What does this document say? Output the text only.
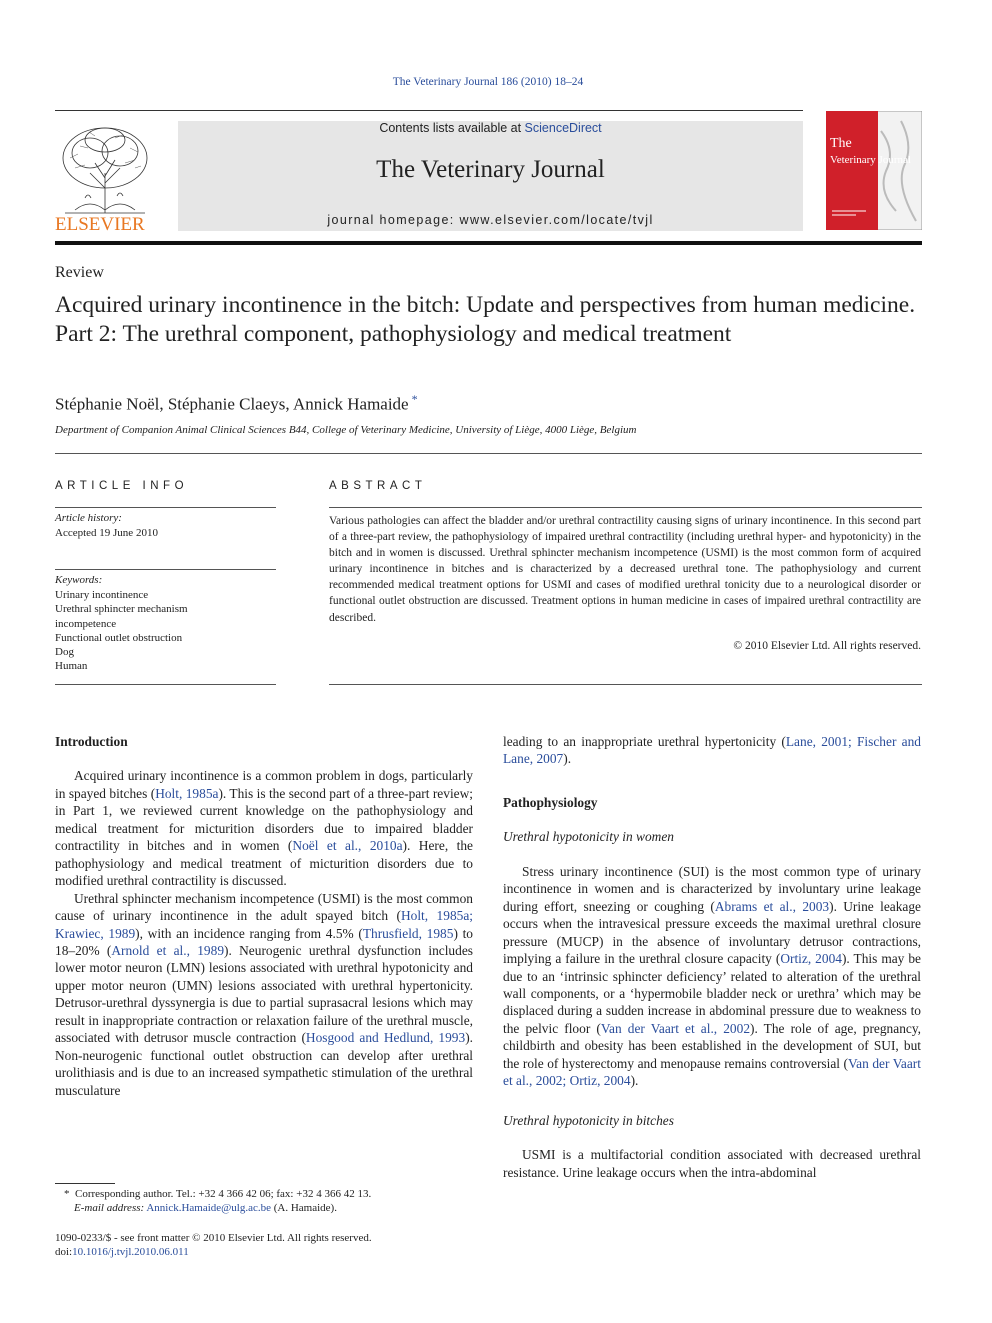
The Veterinary Journal 186 (2010) 18–24
ELSEVIER
Contents lists available at ScienceDirect
The Veterinary Journal
journal homepage: www.elsevier.com/locate/tvjl
The
Veterinary Journal
Review
Acquired urinary incontinence in the bitch: Update and perspectives from human medicine. Part 2: The urethral component, pathophysiology and medical treatment
Stéphanie Noël, Stéphanie Claeys, Annick Hamaide *
Department of Companion Animal Clinical Sciences B44, College of Veterinary Medicine, University of Liège, 4000 Liège, Belgium
ARTICLE INFO	ABSTRACT
Article history:
Accepted 19 June 2010
Keywords:
Urinary incontinence
Urethral sphincter mechanism
incompetence
Functional outlet obstruction
Dog
Human
Various pathologies can affect the bladder and/or urethral contractility causing signs of urinary incontinence. In this second part of a three-part review, the pathophysiology of impaired urethral contractility (including urethral hyper- and hypotonicity) in the bitch and in women is discussed. Urethral sphincter mechanism incompetence (USMI) is the most common form of acquired urinary incontinence in bitches and is characterized by a decreased urethral tone. The pathophysiology and current recommended medical treatment options for USMI and cases of modified urethral tonicity due to a neurological disorder or functional outlet obstruction are discussed. Treatment options in human medicine in cases of impaired urethral contractility are described.
© 2010 Elsevier Ltd. All rights reserved.
Introduction

Acquired urinary incontinence is a common problem in dogs, particularly in spayed bitches (Holt, 1985a). This is the second part of a three-part review; in Part 1, we reviewed current knowledge on the pathophysiology and medical treatment for micturition disorders due to impaired bladder contractility in bitches and in women (Noël et al., 2010a). Here, the pathophysiology and medical treatment of micturition disorders due to modified urethral contractility is discussed.

Urethral sphincter mechanism incompetence (USMI) is the most common cause of urinary incontinence in the adult spayed bitch (Holt, 1985a; Krawiec, 1989), with an incidence ranging from 4.5% (Thrusfield, 1985) to 18–20% (Arnold et al., 1989). Neurogenic urethral dysfunction includes lower motor neuron (LMN) lesions associated with urethral hypotonicity and upper motor neuron (UMN) lesions associated with urethral hypertonicity. Detrusor-urethral dyssynergia is due to partial suprasacral lesions which may result in inappropriate contraction or relaxation failure of the urethral muscle, associated with detrusor muscle contraction (Hosgood and Hedlund, 1993). Non-neurogenic functional outlet obstruction can develop after urethral urolithiasis and is due to an increased sympathetic stimulation of the urethral musculature

leading to an inappropriate urethral hypertonicity (Lane, 2001; Fischer and Lane, 2007).

Pathophysiology
Urethral hypotonicity in women

Stress urinary incontinence (SUI) is the most common type of urinary incontinence in women and is characterized by involuntary urine leakage during effort, sneezing or coughing (Abrams et al., 2003). Urine leakage occurs when the intravesical pressure exceeds the maximal urethral closure pressure (MUCP) in the absence of involuntary detrusor contractions, implying a failure in the urethral closure capacity (Ortiz, 2004). This may be due to an ‘intrinsic sphincter deficiency’ related to alteration of the urethral wall components, or a ‘hypermobile bladder neck or urethra’ which may be displaced during a sudden increase in abdominal pressure due to weakness to the pelvic floor (Van der Vaart et al., 2002). The role of age, pregnancy, childbirth and obesity has been established in the development of SUI, but the role of hysterectomy and menopause remains controversial (Van der Vaart et al., 2002; Ortiz, 2004).

Urethral hypotonicity in bitches

USMI is a multifactorial condition associated with decreased urethral resistance. Urine leakage occurs when the intra-abdominal

* Corresponding author. Tel.: +32 4 366 42 06; fax: +32 4 366 42 13.
E-mail address: Annick.Hamaide@ulg.ac.be (A. Hamaide).
1090-0233/$ - see front matter © 2010 Elsevier Ltd. All rights reserved.
doi:10.1016/j.tvjl.2010.06.011
